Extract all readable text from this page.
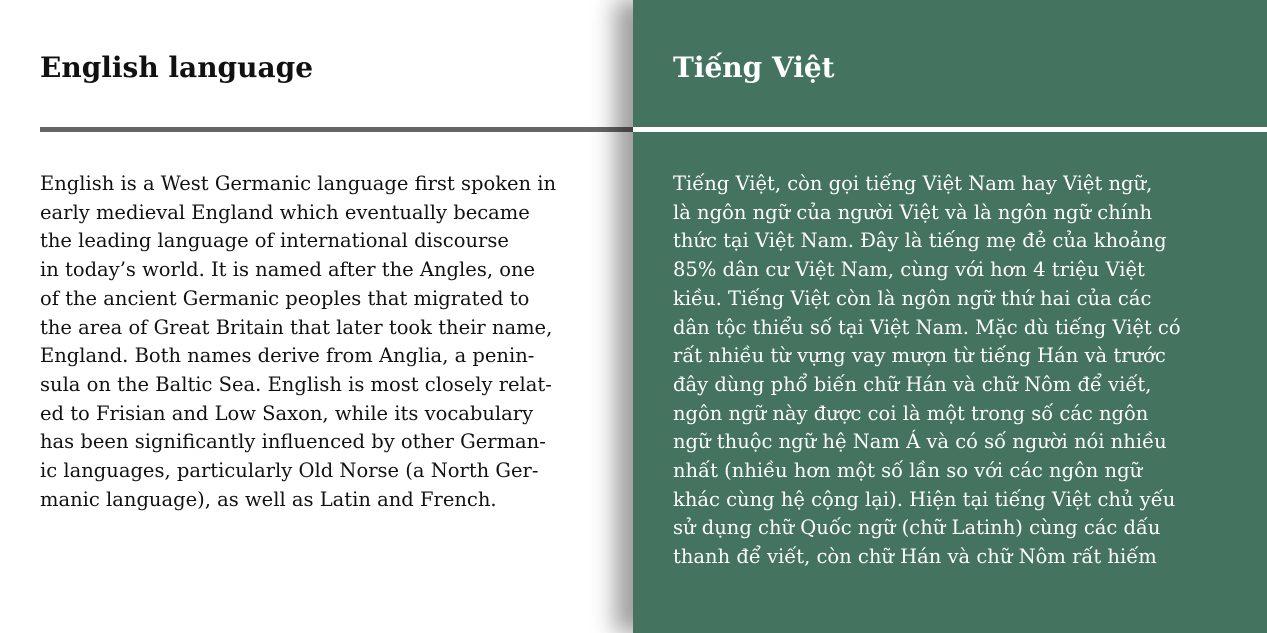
English language
English is a West Germanic language first spoken in
early medieval England which eventually became
the leading language of international discourse
in today’s world. It is named after the Angles, one
of the ancient Germanic peoples that migrated to
the area of Great Britain that later took their name,
England. Both names derive from Anglia, a penin-
sula on the Baltic Sea. English is most closely relat-
ed to Frisian and Low Saxon, while its vocabulary
has been significantly influenced by other German-
ic languages, particularly Old Norse (a North Ger-
manic language), as well as Latin and French.
Tiếng Việt
Tiếng Việt, còn gọi tiếng Việt Nam hay Việt ngữ,
là ngôn ngữ của người Việt và là ngôn ngữ chính
thức tại Việt Nam. Đây là tiếng mẹ đẻ của khoảng
85% dân cư Việt Nam, cùng với hơn 4 triệu Việt
kiều. Tiếng Việt còn là ngôn ngữ thứ hai của các
dân tộc thiểu số tại Việt Nam. Mặc dù tiếng Việt có
rất nhiều từ vựng vay mượn từ tiếng Hán và trước
đây dùng phổ biến chữ Hán và chữ Nôm để viết,
ngôn ngữ này được coi là một trong số các ngôn
ngữ thuộc ngữ hệ Nam Á và có số người nói nhiều
nhất (nhiều hơn một số lần so với các ngôn ngữ
khác cùng hệ cộng lại). Hiện tại tiếng Việt chủ yếu
sử dụng chữ Quốc ngữ (chữ Latinh) cùng các dấu
thanh để viết, còn chữ Hán và chữ Nôm rất hiếm
